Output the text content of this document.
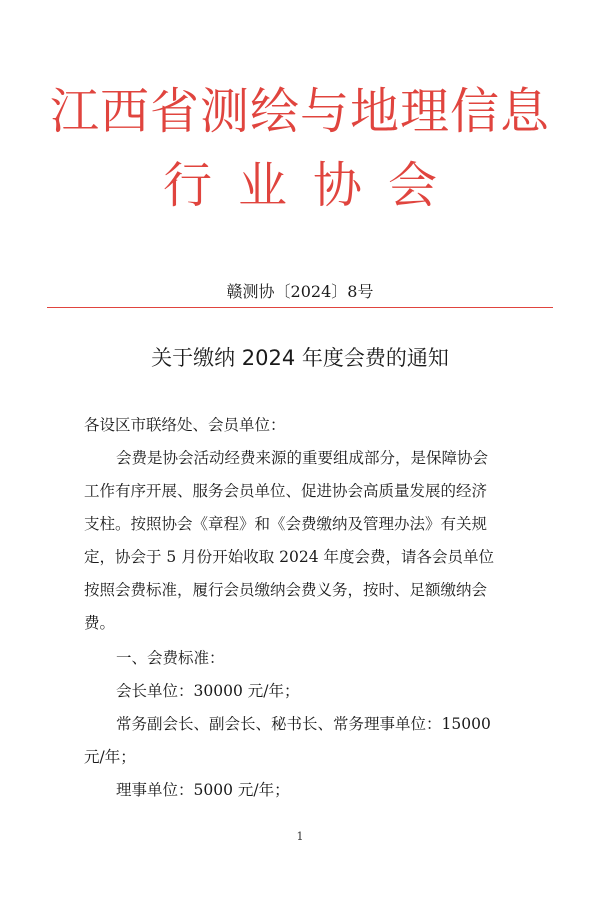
江西省测绘与地理信息
行业协会
赣测协〔2024〕8号
关于缴纳 2024 年度会费的通知
各设区市联络处、会员单位：
会费是协会活动经费来源的重要组成部分，是保障协会
工作有序开展、服务会员单位、促进协会高质量发展的经济
支柱。按照协会《章程》和《会费缴纳及管理办法》有关规
定，协会于 5 月份开始收取 2024 年度会费，请各会员单位
按照会费标准，履行会员缴纳会费义务，按时、足额缴纳会
费。
一、会费标准：
会长单位：30000 元/年；
常务副会长、副会长、秘书长、常务理事单位：15000
元/年；
理事单位：5000 元/年；
1
